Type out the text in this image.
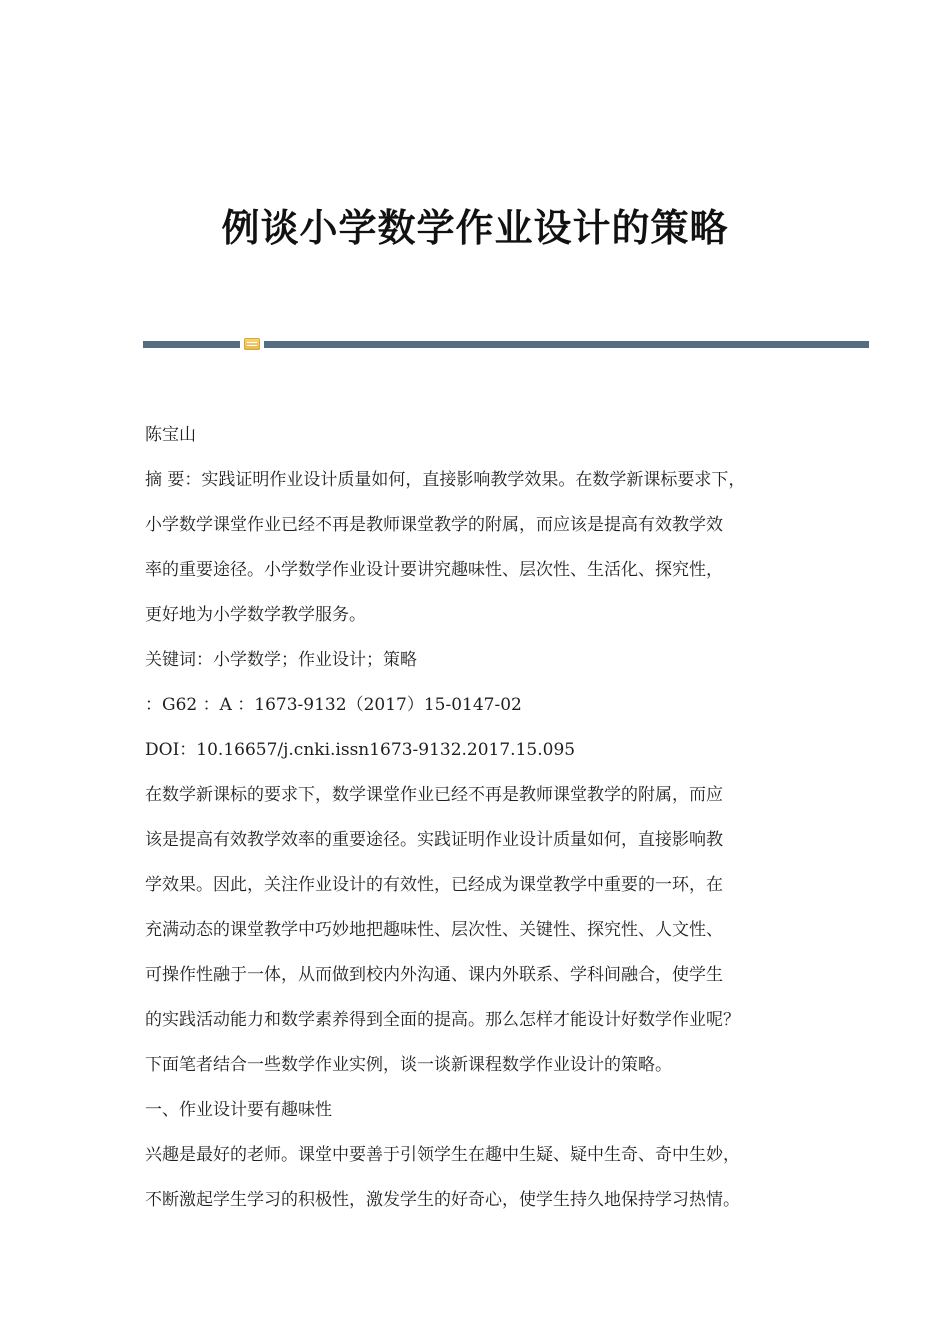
例谈小学数学作业设计的策略
陈宝山
摘 要：实践证明作业设计质量如何，直接影响教学效果。在数学新课标要求下，
小学数学课堂作业已经不再是教师课堂教学的附属，而应该是提高有效教学效
率的重要途径。小学数学作业设计要讲究趣味性、层次性、生活化、探究性，
更好地为小学数学教学服务。
关键词：小学数学；作业设计；策略
：G62 ：A ：1673-9132（2017）15-0147-02
DOI：10.16657/j.cnki.issn1673-9132.2017.15.095
在数学新课标的要求下，数学课堂作业已经不再是教师课堂教学的附属，而应
该是提高有效教学效率的重要途径。实践证明作业设计质量如何，直接影响教
学效果。因此，关注作业设计的有效性，已经成为课堂教学中重要的一环，在
充满动态的课堂教学中巧妙地把趣味性、层次性、关键性、探究性、人文性、
可操作性融于一体，从而做到校内外沟通、课内外联系、学科间融合，使学生
的实践活动能力和数学素养得到全面的提高。那么怎样才能设计好数学作业呢？
下面笔者结合一些数学作业实例，谈一谈新课程数学作业设计的策略。
一、作业设计要有趣味性
兴趣是最好的老师。课堂中要善于引领学生在趣中生疑、疑中生奇、奇中生妙，
不断激起学生学习的积极性，激发学生的好奇心，使学生持久地保持学习热情。
